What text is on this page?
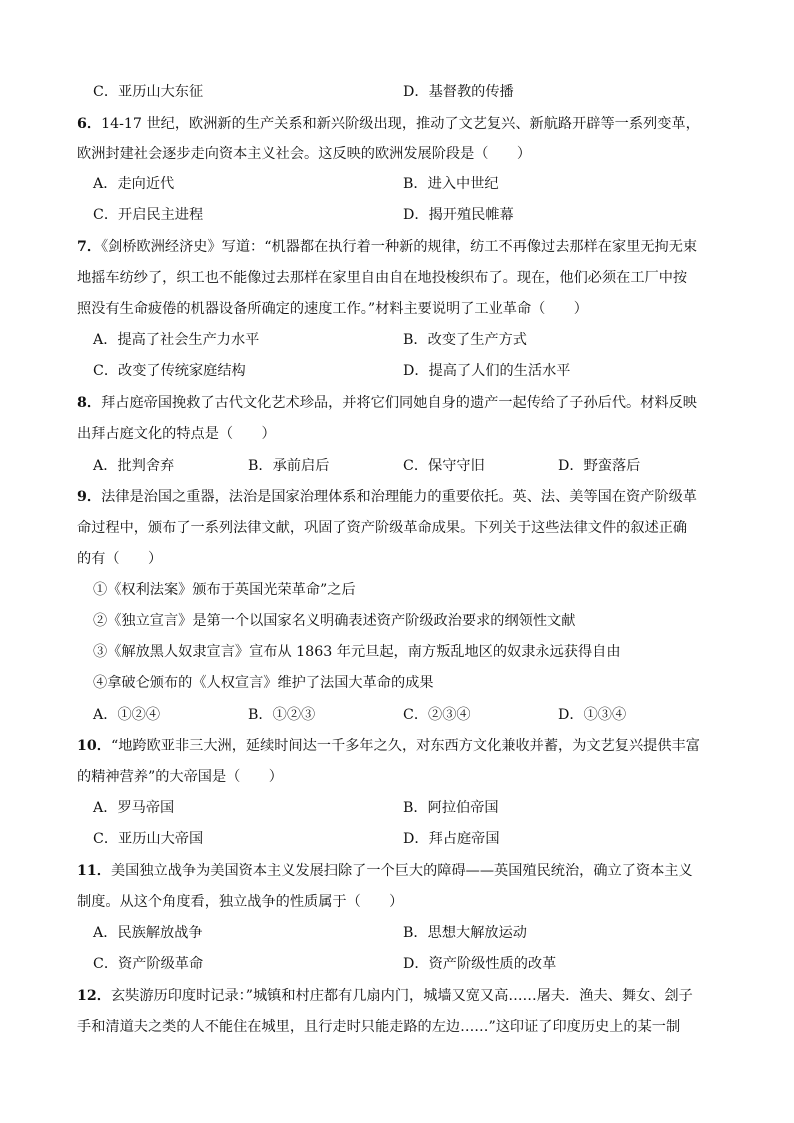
C．亚历山大东征	D．基督教的传播
6．14-17 世纪，欧洲新的生产关系和新兴阶级出现，推动了文艺复兴、新航路开辟等一系列变革，
欧洲封建社会逐步走向资本主义社会。这反映的欧洲发展阶段是（　　）
A．走向近代	B．进入中世纪
C．开启民主进程	D．揭开殖民帷幕
7．《剑桥欧洲经济史》写道：“机器都在执行着一种新的规律，纺工不再像过去那样在家里无拘无束
地摇车纺纱了，织工也不能像过去那样在家里自由自在地投梭织布了。现在，他们必须在工厂中按
照没有生命疲倦的机器设备所确定的速度工作。”材料主要说明了工业革命（　　）
A．提高了社会生产力水平	B．改变了生产方式
C．改变了传统家庭结构	D．提高了人们的生活水平
8．拜占庭帝国挽救了古代文化艺术珍品，并将它们同她自身的遗产一起传给了子孙后代。材料反映
出拜占庭文化的特点是（　　）
A．批判舍弃	B．承前启后	C．保守守旧	D．野蛮落后
9．法律是治国之重器，法治是国家治理体系和治理能力的重要依托。英、法、美等国在资产阶级革
命过程中，颁布了一系列法律文献，巩固了资产阶级革命成果。下列关于这些法律文件的叙述正确
的有（　　）
①《权利法案》颁布于英国光荣革命”之后
②《独立宣言》是第一个以国家名义明确表述资产阶级政治要求的纲领性文献
③《解放黑人奴隶宣言》宣布从 1863 年元旦起，南方叛乱地区的奴隶永远获得自由
④拿破仑颁布的《人权宣言》维护了法国大革命的成果
A．①②④	B．①②③	C．②③④	D．①③④
10．“地跨欧亚非三大洲，延续时间达一千多年之久，对东西方文化兼收并蓄，为文艺复兴提供丰富
的精神营养”的大帝国是（　　）
A．罗马帝国	B．阿拉伯帝国
C．亚历山大帝国	D．拜占庭帝国
11．美国独立战争为美国资本主义发展扫除了一个巨大的障碍——英国殖民统治，确立了资本主义
制度。从这个角度看，独立战争的性质属于（　　）
A．民族解放战争	B．思想大解放运动
C．资产阶级革命	D．资产阶级性质的改革
12．玄奘游历印度时记录：”城镇和村庄都有几扇内门，城墙又宽又高……屠夫．渔夫、舞女、刽子
手和清道夫之类的人不能住在城里，且行走时只能走路的左边……”这印证了印度历史上的某一制
